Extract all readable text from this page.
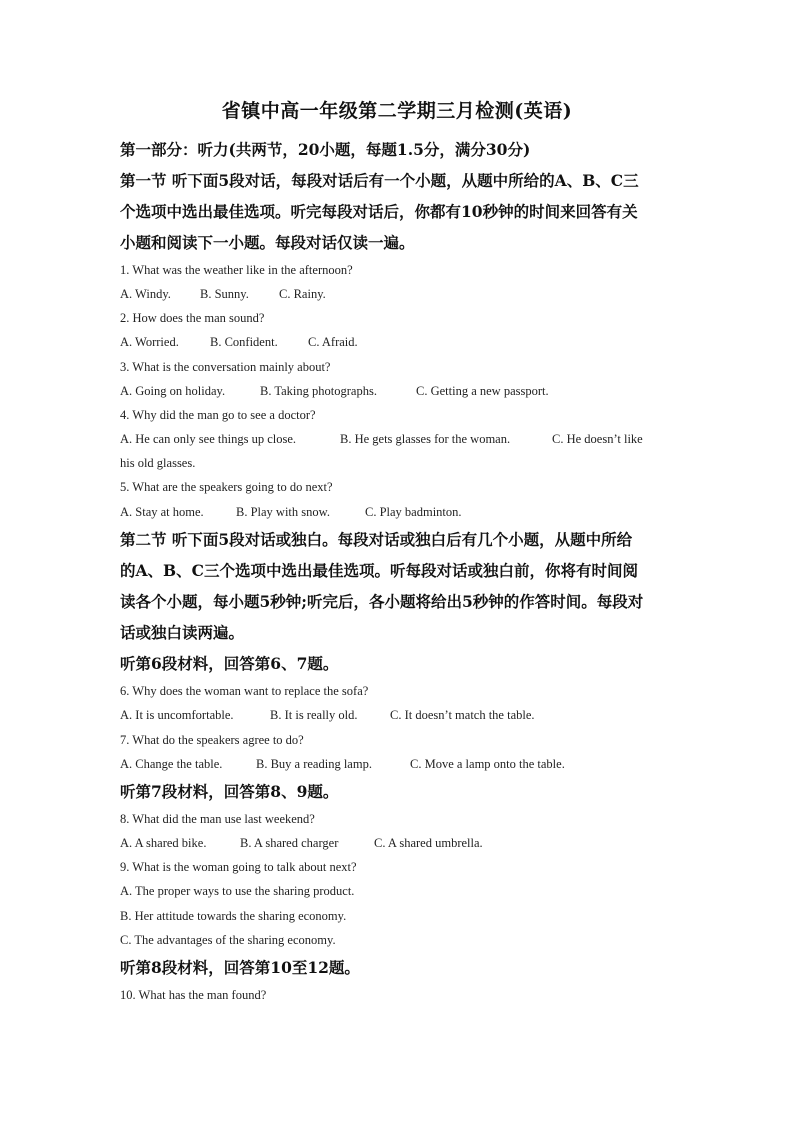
省镇中高一年级第二学期三月检测(英语)
第一部分：听力(共两节，20小题，每题1.5分，满分30分)
第一节 听下面5段对话，每段对话后有一个小题，从题中所给的A、B、C三
个选项中选出最佳选项。听完每段对话后，你都有10秒钟的时间来回答有关
小题和阅读下一小题。每段对话仅读一遍。
1. What was the weather like in the afternoon?
A. Windy. B. Sunny. C. Rainy.
2. How does the man sound?
A. Worried. B. Confident. C. Afraid.
3. What is the conversation mainly about?
A. Going on holiday.	B. Taking photographs.	C. Getting a new passport.
4. Why did the man go to see a doctor?
A. He can only see things up close.	B. He gets glasses for the woman.	C. He doesn’t like
his old glasses.
5. What are the speakers going to do next?
A. Stay at home.	B. Play with snow.	C. Play badminton.
第二节 听下面5段对话或独白。每段对话或独白后有几个小题，从题中所给
的A、B、C三个选项中选出最佳选项。听每段对话或独白前，你将有时间阅
读各个小题，每小题5秒钟;听完后，各小题将给出5秒钟的作答时间。每段对
话或独白读两遍。
听第6段材料，回答第6、7题。
6. Why does the woman want to replace the sofa?
A. It is uncomfortable.	B. It is really old.	C. It doesn’t match the table.
7. What do the speakers agree to do?
A. Change the table.	B. Buy a reading lamp.	C. Move a lamp onto the table.
听第7段材料，回答第8、9题。
8. What did the man use last weekend?
A. A shared bike.	B. A shared charger	C. A shared umbrella.
9. What is the woman going to talk about next?
A. The proper ways to use the sharing product.
B. Her attitude towards the sharing economy.
C. The advantages of the sharing economy.
听第8段材料，回答第10至12题。
10. What has the man found?
